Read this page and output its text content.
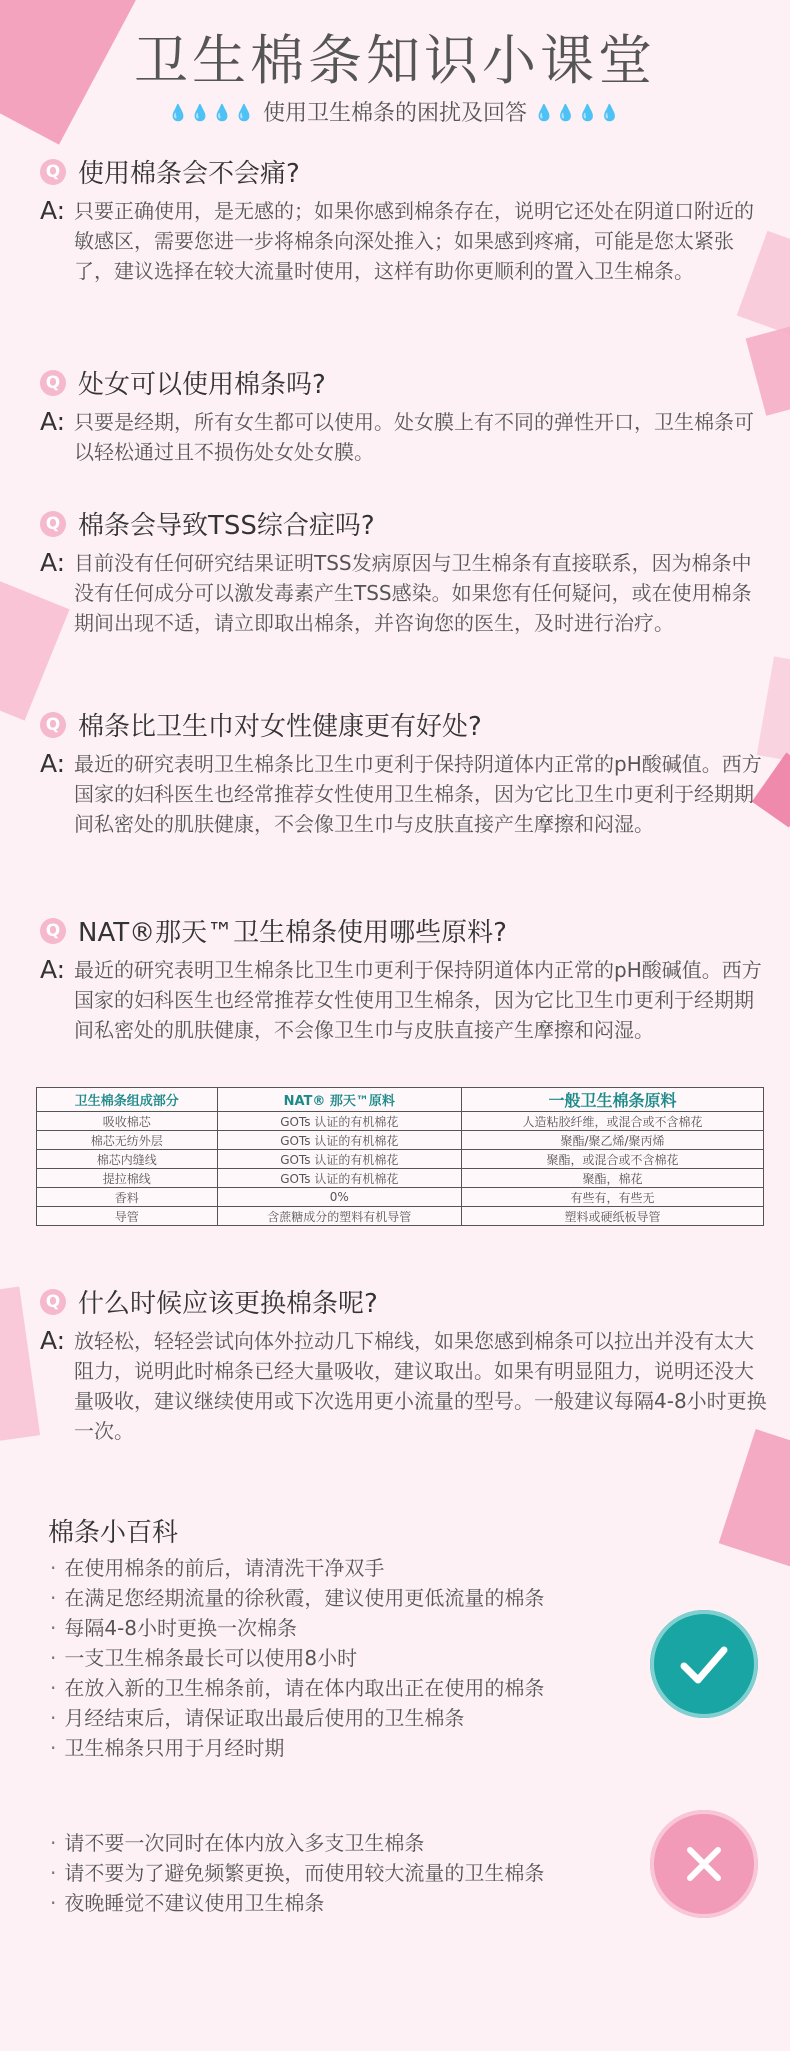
卫生棉条知识小课堂
💧💧💧💧 使用卫生棉条的困扰及回答 💧💧💧💧
Q 使用棉条会不会痛?
A: 只要正确使用，是无感的；如果你感到棉条存在，说明它还处在阴道口附近的敏感区，需要您进一步将棉条向深处推入；如果感到疼痛，可能是您太紧张了，建议选择在较大流量时使用，这样有助你更顺利的置入卫生棉条。
Q 处女可以使用棉条吗?
A: 只要是经期，所有女生都可以使用。处女膜上有不同的弹性开口，卫生棉条可以轻松通过且不损伤处女处女膜。
Q 棉条会导致TSS综合症吗?
A: 目前没有任何研究结果证明TSS发病原因与卫生棉条有直接联系，因为棉条中没有任何成分可以激发毒素产生TSS感染。如果您有任何疑问，或在使用棉条期间出现不适，请立即取出棉条，并咨询您的医生，及时进行治疗。
Q 棉条比卫生巾对女性健康更有好处?
A: 最近的研究表明卫生棉条比卫生巾更利于保持阴道体内正常的pH酸碱值。西方国家的妇科医生也经常推荐女性使用卫生棉条，因为它比卫生巾更利于经期期间私密处的肌肤健康，不会像卫生巾与皮肤直接产生摩擦和闷湿。
Q NAT®那天™卫生棉条使用哪些原料?
A: 最近的研究表明卫生棉条比卫生巾更利于保持阴道体内正常的pH酸碱值。西方国家的妇科医生也经常推荐女性使用卫生棉条，因为它比卫生巾更利于经期期间私密处的肌肤健康，不会像卫生巾与皮肤直接产生摩擦和闷湿。
卫生棉条组成部分	NAT® 那天™原料	一般卫生棉条原料
吸收棉芯	GOTs 认证的有机棉花	人造粘胶纤维，或混合或不含棉花
棉芯无纺外层	GOTs 认证的有机棉花	聚酯/聚乙烯/聚丙烯
棉芯内缝线	GOTs 认证的有机棉花	聚酯，或混合或不含棉花
提拉棉线	GOTs 认证的有机棉花	聚酯，棉花
香料	0%	有些有，有些无
导管	含蔗糖成分的塑料有机导管	塑料或硬纸板导管
Q 什么时候应该更换棉条呢?
A: 放轻松，轻轻尝试向体外拉动几下棉线，如果您感到棉条可以拉出并没有太大阻力，说明此时棉条已经大量吸收，建议取出。如果有明显阻力，说明还没大量吸收，建议继续使用或下次选用更小流量的型号。一般建议每隔4-8小时更换一次。
棉条小百科
· 在使用棉条的前后，请清洗干净双手
· 在满足您经期流量的徐秋霞，建议使用更低流量的棉条
· 每隔4-8小时更换一次棉条
· 一支卫生棉条最长可以使用8小时
· 在放入新的卫生棉条前，请在体内取出正在使用的棉条
· 月经结束后，请保证取出最后使用的卫生棉条
· 卫生棉条只用于月经时期
· 请不要一次同时在体内放入多支卫生棉条
· 请不要为了避免频繁更换，而使用较大流量的卫生棉条
· 夜晚睡觉不建议使用卫生棉条
